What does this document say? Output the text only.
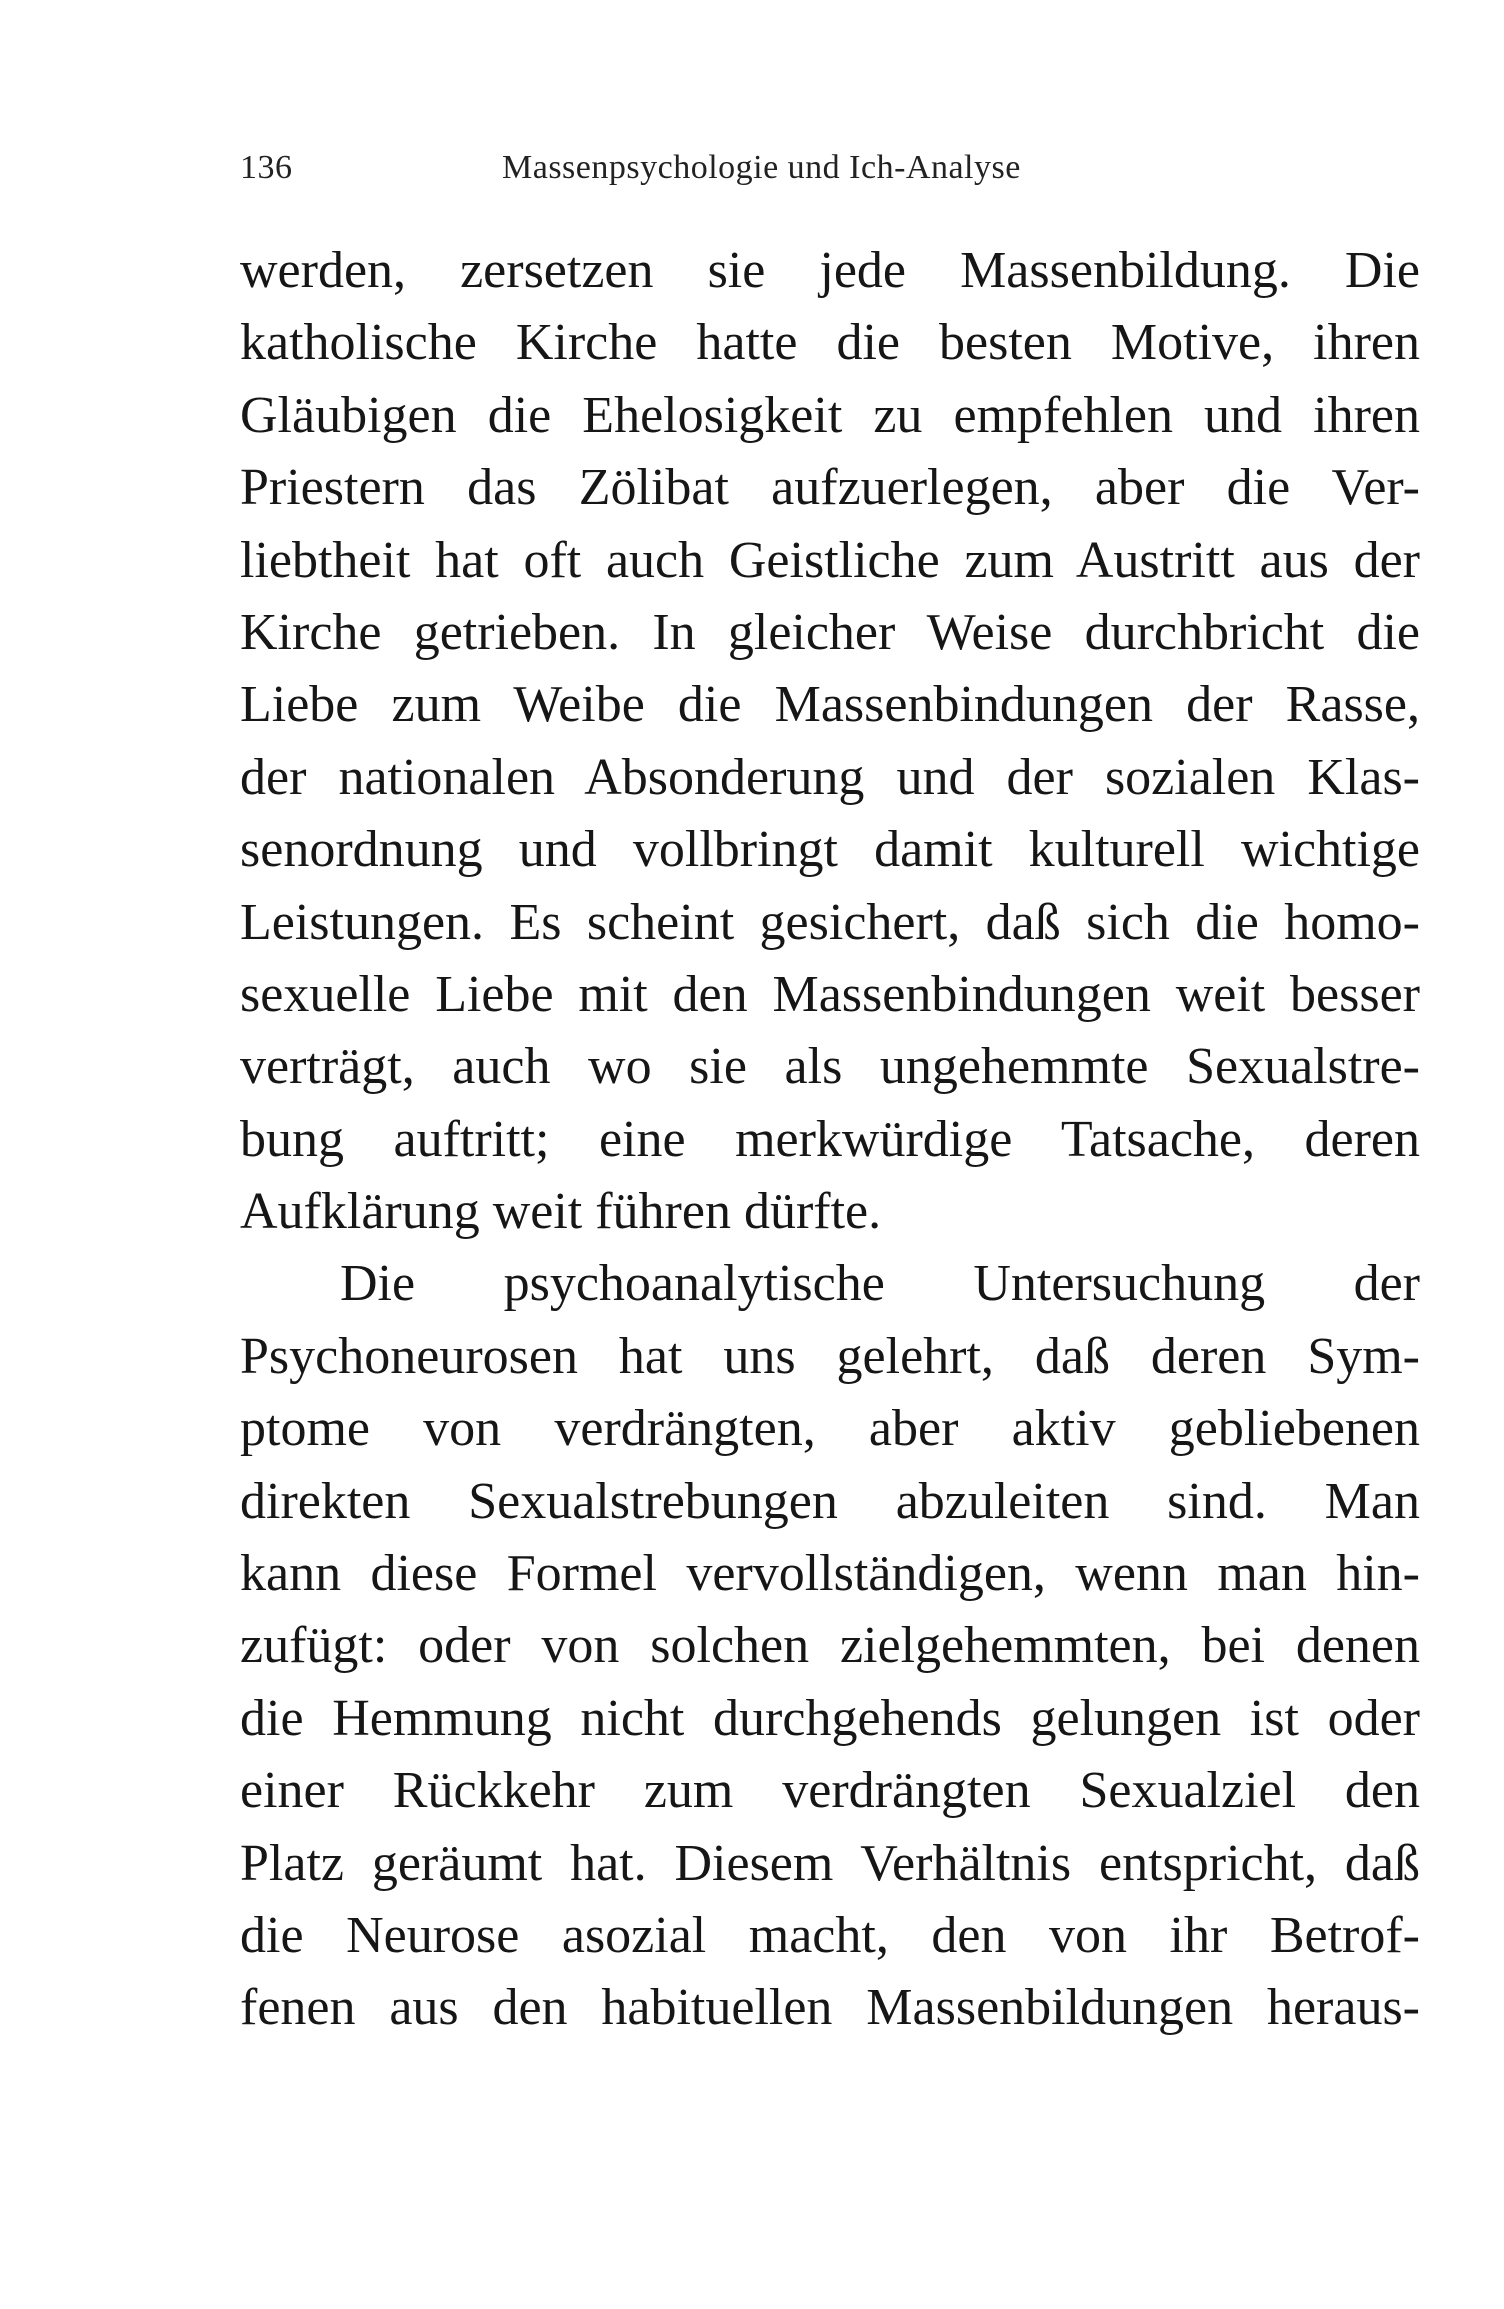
136	Massenpsychologie und Ich-Analyse
werden, zersetzen sie jede Massenbildung. Die
katholische Kirche hatte die besten Motive, ihren
Gläubigen die Ehelosigkeit zu empfehlen und ihren
Priestern das Zölibat aufzuerlegen, aber die Ver-
liebtheit hat oft auch Geistliche zum Austritt aus der
Kirche getrieben. In gleicher Weise durchbricht die
Liebe zum Weibe die Massenbindungen der Rasse,
der nationalen Absonderung und der sozialen Klas-
senordnung und vollbringt damit kulturell wichtige
Leistungen. Es scheint gesichert, daß sich die homo-
sexuelle Liebe mit den Massenbindungen weit besser
verträgt, auch wo sie als ungehemmte Sexualstre-
bung auftritt; eine merkwürdige Tatsache, deren
Aufklärung weit führen dürfte.
Die psychoanalytische Untersuchung der
Psychoneurosen hat uns gelehrt, daß deren Sym-
ptome von verdrängten, aber aktiv gebliebenen
direkten Sexualstrebungen abzuleiten sind. Man
kann diese Formel vervollständigen, wenn man hin-
zufügt: oder von solchen zielgehemmten, bei denen
die Hemmung nicht durchgehends gelungen ist oder
einer Rückkehr zum verdrängten Sexualziel den
Platz geräumt hat. Diesem Verhältnis entspricht, daß
die Neurose asozial macht, den von ihr Betrof-
fenen aus den habituellen Massenbildungen heraus-
